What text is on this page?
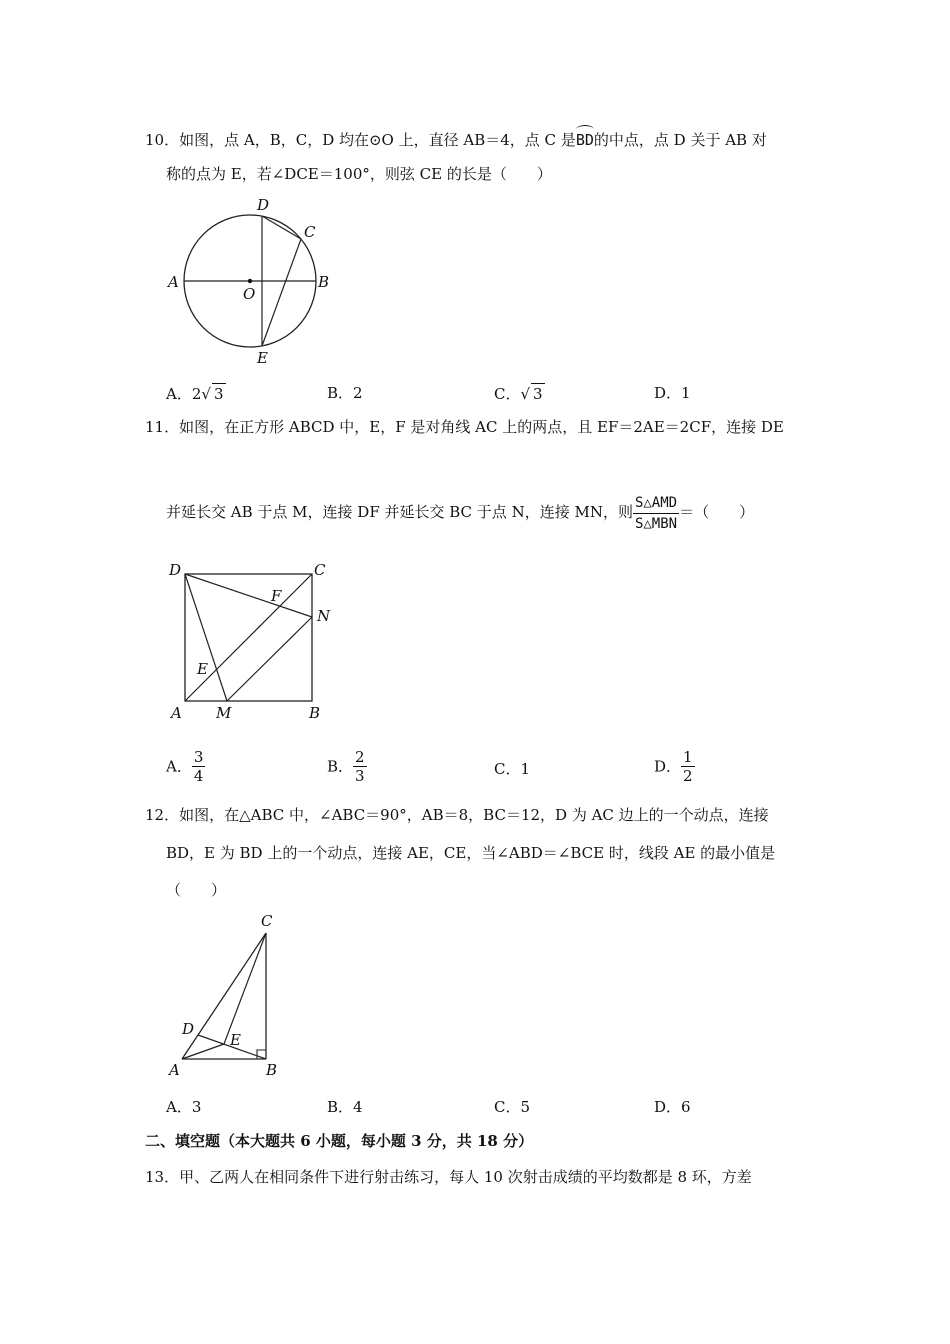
10．如图，点 A，B，C，D 均在⊙O 上，直径 AB＝4，点 C 是BD的中点，点 D 关于 AB 对
称的点为 E，若∠DCE＝100°，则弦 CE 的长是（　　）
D
C
A
O
B
E
A．2√ 3	B．2	C．√ 3	D．1
11．如图，在正方形 ABCD 中，E，F 是对角线 AC 上的两点，且 EF＝2AE＝2CF，连接 DE
并延长交 AB 于点 M，连接 DF 并延长交 BC 于点 N，连接 MN，则
S△AMD
S△MBN
＝（　　）
D	C
F
N
E
A M	B
A． $\frac{3}{4}$	B． $\frac{2}{3}$	C．1	D． $\frac{1}{2}$
12．如图，在△ABC 中，∠ABC＝90°，AB＝8，BC＝12，D 为 AC 边上的一个动点，连接
BD，E 为 BD 上的一个动点，连接 AE，CE，当∠ABD＝∠BCE 时，线段 AE 的最小值是
（　　）
C
D
E
A	B
A．3	B．4	C．5	D．6
二、填空题（本大题共 6 小题，每小题 3 分，共 18 分）
13．甲、乙两人在相同条件下进行射击练习，每人 10 次射击成绩的平均数都是 8 环，方差
